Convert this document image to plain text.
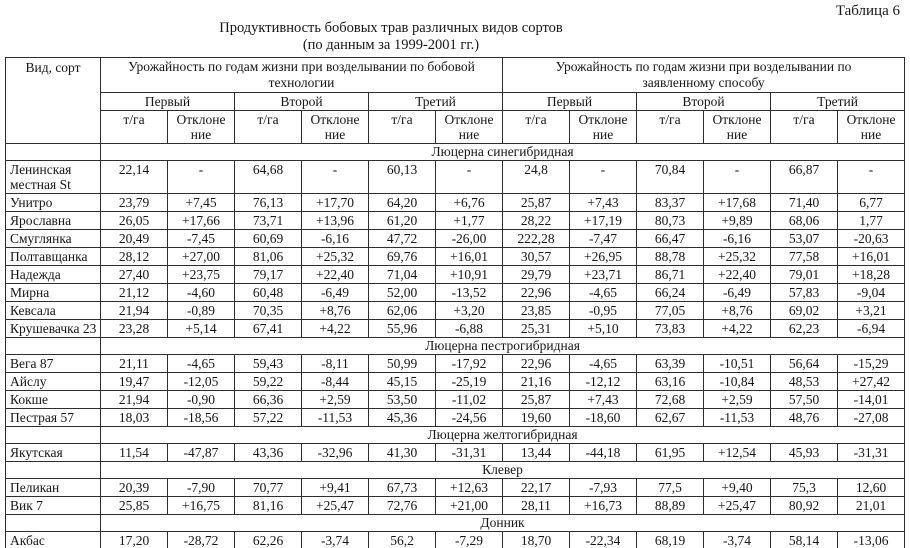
Таблица 6
Продуктивность бобовых трав различных видов сортов
(по данным за 1999-2001 гг.)
Вид, сорт	Урожайность по годам жизни при возделывании по бобовой
технологии

Урожайность по годам жизни при возделывании по
заявленному способу

	Первый		Второй		Третий		Первый		Второй		Третий	
	т/га	Отклоне ние	т/га	Отклоне ние	т/га	Отклоне ние	т/га	Отклоне ние	т/га	Отклоне ние	т/га	Отклоне ние
	Люцерна синегибридная											
Ленинская местная St	22,14	-	64,68	-	60,13	-	24,8	-	70,84	-	66,87	-
Унитро	23,79	+7,45	76,13	+17,70	64,20	+6,76	25,87	+7,43	83,37	+17,68	71,40	6,77
Ярославна	26,05	+17,66	73,71	+13,96	61,20	+1,77	28,22	+17,19	80,73	+9,89	68,06	1,77
Смуглянка	20,49	-7,45	60,69	-6,16	47,72	-26,00	222,28	-7,47	66,47	-6,16	53,07	-20,63
Полтавщанка	28,12	+27,00	81,06	+25,32	69,76	+16,01	30,57	+26,95	88,78	+25,32	77,58	+16,01
Надежда	27,40	+23,75	79,17	+22,40	71,04	+10,91	29,79	+23,71	86,71	+22,40	79,01	+18,28
Мирна	21,12	-4,60	60,48	-6,49	52,00	-13,52	22,96	-4,65	66,24	-6,49	57,83	-9,04
Кевсала	21,94	-0,89	70,35	+8,76	62,06	+3,20	23,85	-0,95	77,05	+8,76	69,02	+3,21
Крушевачка 23	23,28	+5,14	67,41	+4,22	55,96	-6,88	25,31	+5,10	73,83	+4,22	62,23	-6,94
	Люцерна пестрогибридная											
Вега 87	21,11	-4,65	59,43	-8,11	50,99	-17,92	22,96	-4,65	63,39	-10,51	56,64	-15,29
Айслу	19,47	-12,05	59,22	-8,44	45,15	-25,19	21,16	-12,12	63,16	-10,84	48,53	+27,42
Кокше	21,94	-0,90	66,36	+2,59	53,50	-11,02	25,87	+7,43	72,68	+2,59	57,50	-14,01
Пестрая 57	18,03	-18,56	57,22	-11,53	45,36	-24,56	19,60	-18,60	62,67	-11,53	48,76	-27,08
	Люцерна желтогибридная											
Якутская	11,54	-47,87	43,36	-32,96	41,30	-31,31	13,44	-44,18	61,95	+12,54	45,93	-31,31
	Клевер											
Пеликан	20,39	-7,90	70,77	+9,41	67,73	+12,63	22,17	-7,93	77,5	+9,40	75,3	12,60
Вик 7	25,85	+16,75	81,16	+25,47	72,76	+21,00	28,11	+16,73	88,89	+25,47	80,92	21,01
	Донник											
Акбас	17,20	-28,72	62,26	-3,74	56,2	-7,29	18,70	-22,34	68,19	-3,74	58,14	-13,06
